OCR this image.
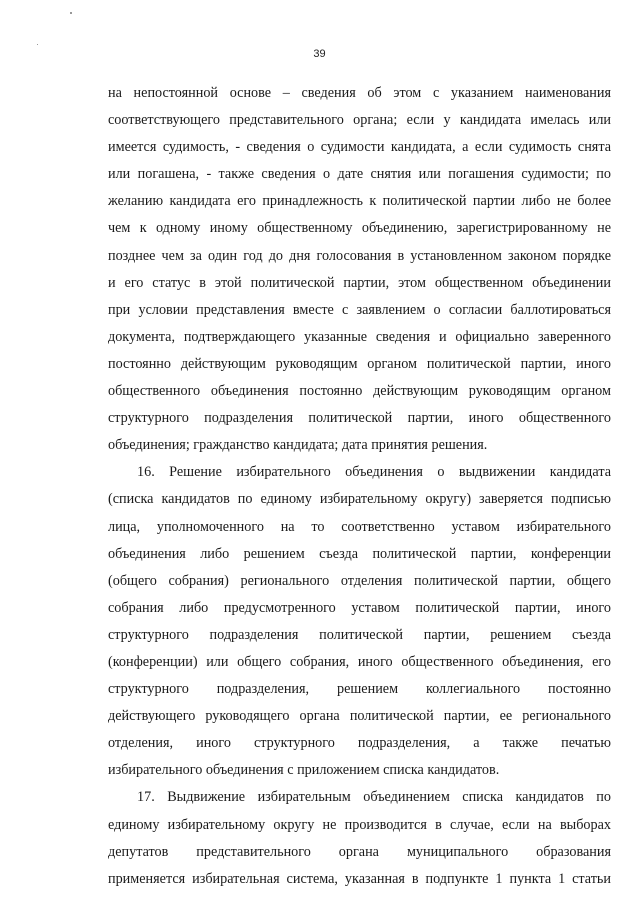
39
на непостоянной основе – сведения об этом с указанием наименования
соответствующего представительного органа; если у кандидата имелась или
имеется судимость, - сведения о судимости кандидата, а если судимость снята
или погашена, - также сведения о дате снятия или погашения судимости; по
желанию кандидата его принадлежность к политической партии либо не более
чем к одному иному общественному объединению, зарегистрированному не
позднее чем за один год до дня голосования в установленном законом порядке
и его статус в этой политической партии, этом общественном объединении
при условии представления вместе с заявлением о согласии баллотироваться
документа, подтверждающего указанные сведения и официально заверенного
постоянно действующим руководящим органом политической партии, иного
общественного объединения постоянно действующим руководящим органом
структурного подразделения политической партии, иного общественного
объединения; гражданство кандидата; дата принятия решения.
16. Решение избирательного объединения о выдвижении кандидата
(списка кандидатов по единому избирательному округу) заверяется подписью
лица, уполномоченного на то соответственно уставом избирательного
объединения либо решением съезда политической партии, конференции
(общего собрания) регионального отделения политической партии, общего
собрания либо предусмотренного уставом политической партии, иного
структурного подразделения политической партии, решением съезда
(конференции) или общего собрания, иного общественного объединения, его
структурного подразделения, решением коллегиального постоянно
действующего руководящего органа политической партии, ее регионального
отделения, иного структурного подразделения, а также печатью
избирательного объединения с приложением списка кандидатов.
17. Выдвижение избирательным объединением списка кандидатов по
единому избирательному округу не производится в случае, если на выборах
депутатов представительного органа муниципального образования
применяется избирательная система, указанная в подпункте 1 пункта 1 статьи
